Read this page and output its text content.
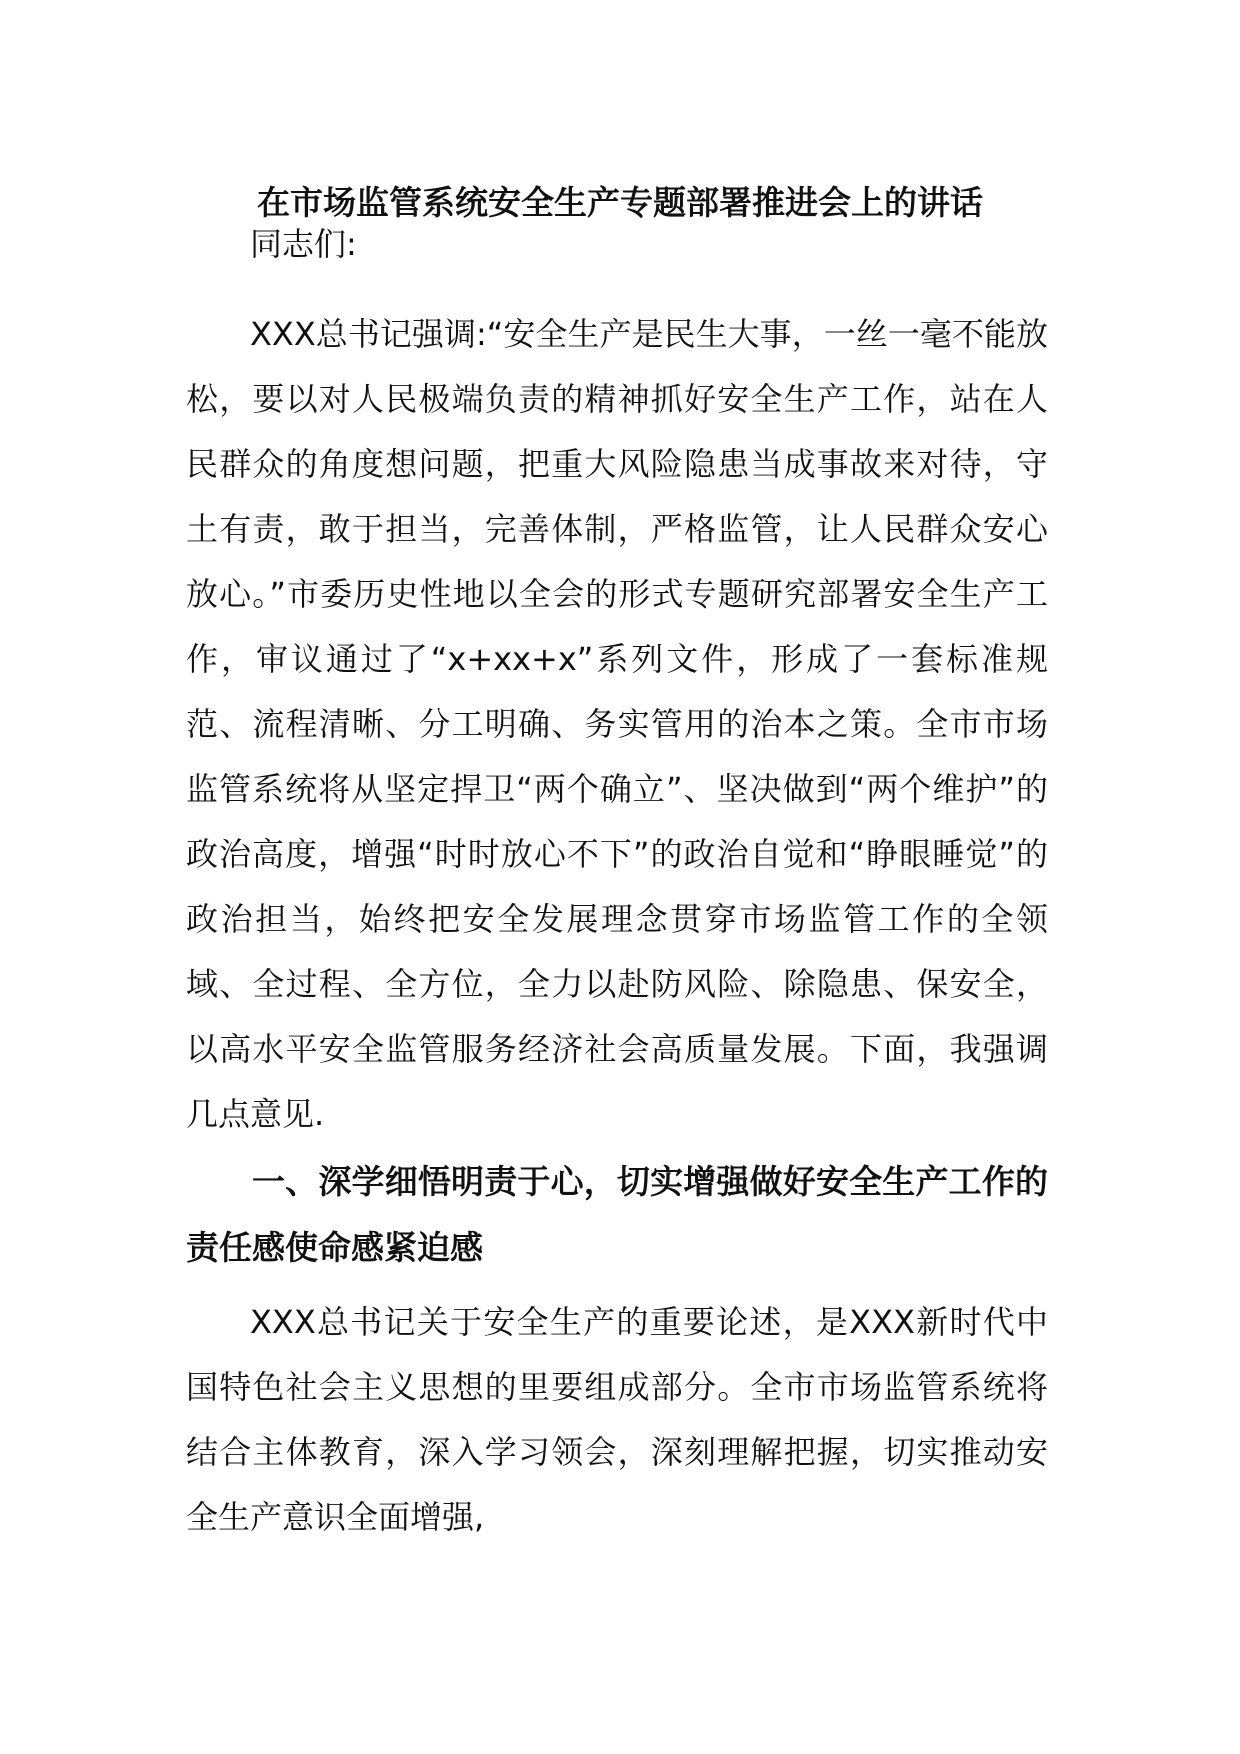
在市场监管系统安全生产专题部署推进会上的讲话

同志们:

XXX总书记强调:“安全生产是民生大事，一丝一毫不能放松，要以对人民极端负责的精神抓好安全生产工作，站在人民群众的角度想问题，把重大风险隐患当成事故来对待，守土有责，敢于担当，完善体制，严格监管，让人民群众安心放心。”市委历史性地以全会的形式专题研究部署安全生产工作，审议通过了“x+xx+x”系列文件，形成了一套标准规范、流程清晰、分工明确、务实管用的治本之策。全市市场监管系统将从坚定捍卫“两个确立”、坚决做到“两个维护”的政治高度，增强“时时放心不下”的政治自觉和“睁眼睡觉”的政治担当，始终把安全发展理念贯穿市场监管工作的全领域、全过程、全方位，全力以赴防风险、除隐患、保安全，以高水平安全监管服务经济社会高质量发展。下面，我强调几点意见.

一、深学细悟明责于心，切实增强做好安全生产工作的责任感使命感紧迫感

XXX总书记关于安全生产的重要论述，是XXX新时代中国特色社会主义思想的里要组成部分。全市市场监管系统将结合主体教育，深入学习领会，深刻理解把握，切实推动安全生产意识全面增强,
